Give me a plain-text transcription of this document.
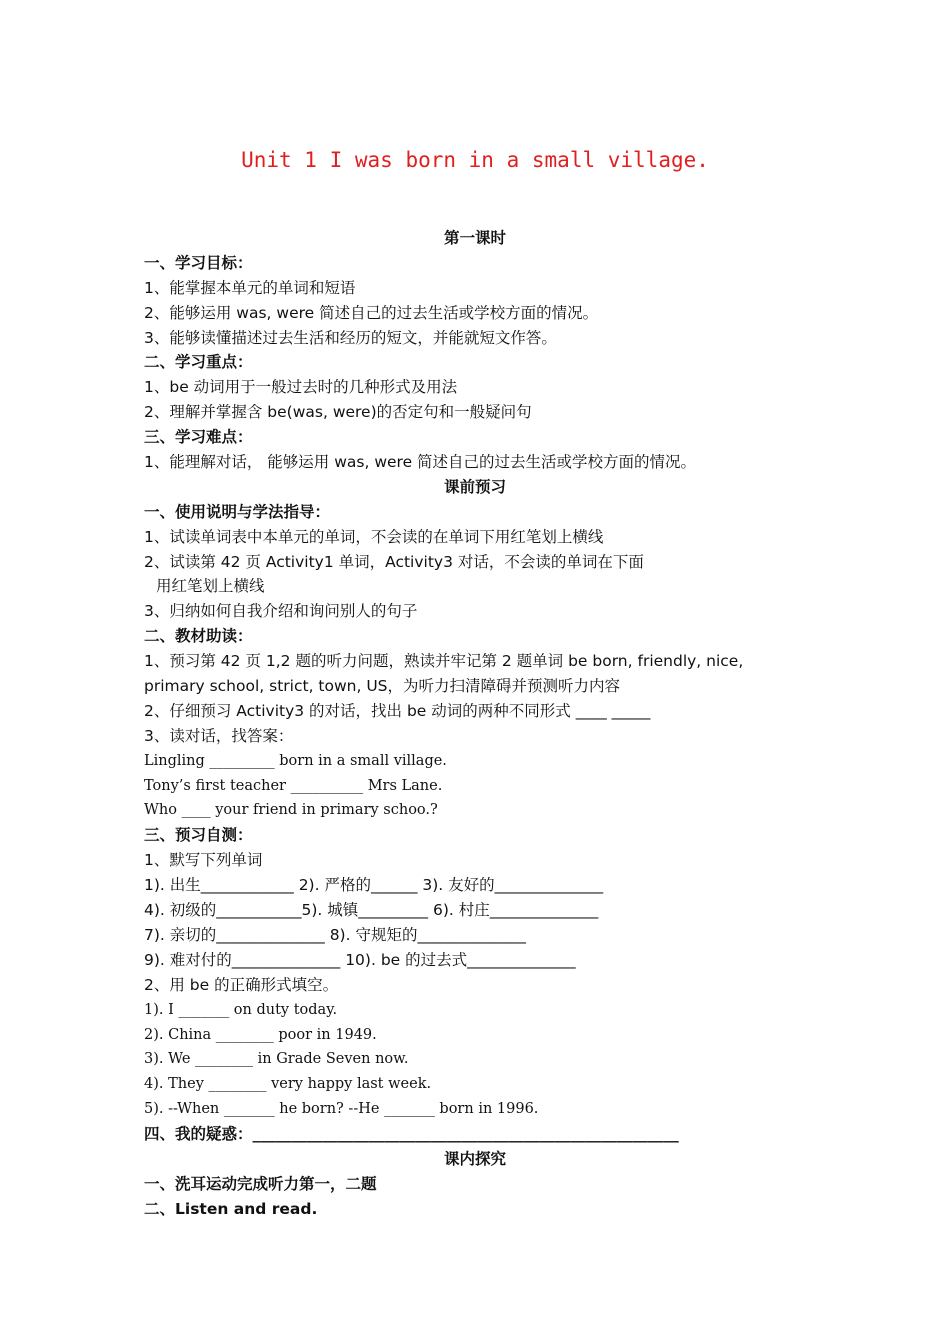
Unit 1 I was born in a small village.
第一课时
一、学习目标：
1、能掌握本单元的单词和短语
2、能够运用 was, were 简述自己的过去生活或学校方面的情况。
3、能够读懂描述过去生活和经历的短文，并能就短文作答。
二、学习重点：
1、be 动词用于一般过去时的几种形式及用法
2、理解并掌握含 be(was, were)的否定句和一般疑问句
三、学习难点：
1、能理解对话， 能够运用 was, were 简述自己的过去生活或学校方面的情况。
课前预习
一、使用说明与学法指导：
1、试读单词表中本单元的单词，不会读的在单词下用红笔划上横线
2、试读第 42 页 Activity1 单词，Activity3 对话，不会读的单词在下面
用红笔划上横线
3、归纳如何自我介绍和询问别人的句子
二、教材助读：
1、预习第 42 页 1,2 题的听力问题，熟读并牢记第 2 题单词 be born, friendly, nice,
primary school, strict, town, US，为听力扫清障碍并预测听力内容
2、仔细预习 Activity3 的对话，找出 be 动词的两种不同形式 ____ _____
3、读对话，找答案：
Lingling _________ born in a small village.
Tony’s first teacher __________ Mrs Lane.
Who ____ your friend in primary schoo.?
三、预习自测：
1、默写下列单词
1). 出生____________ 2). 严格的______ 3). 友好的______________
4). 初级的___________5). 城镇_________ 6). 村庄______________
7). 亲切的______________ 8). 守规矩的______________
9). 难对付的______________ 10). be 的过去式______________
2、用 be 的正确形式填空。
1). I _______ on duty today.
2). China ________ poor in 1949.
3). We ________ in Grade Seven now.
4). They ________ very happy last week.
5). --When _______ he born? --He _______ born in 1996.
四、我的疑惑：_______________________________________________________
课内探究
一、洗耳运动完成听力第一，二题
二、Listen and read.
